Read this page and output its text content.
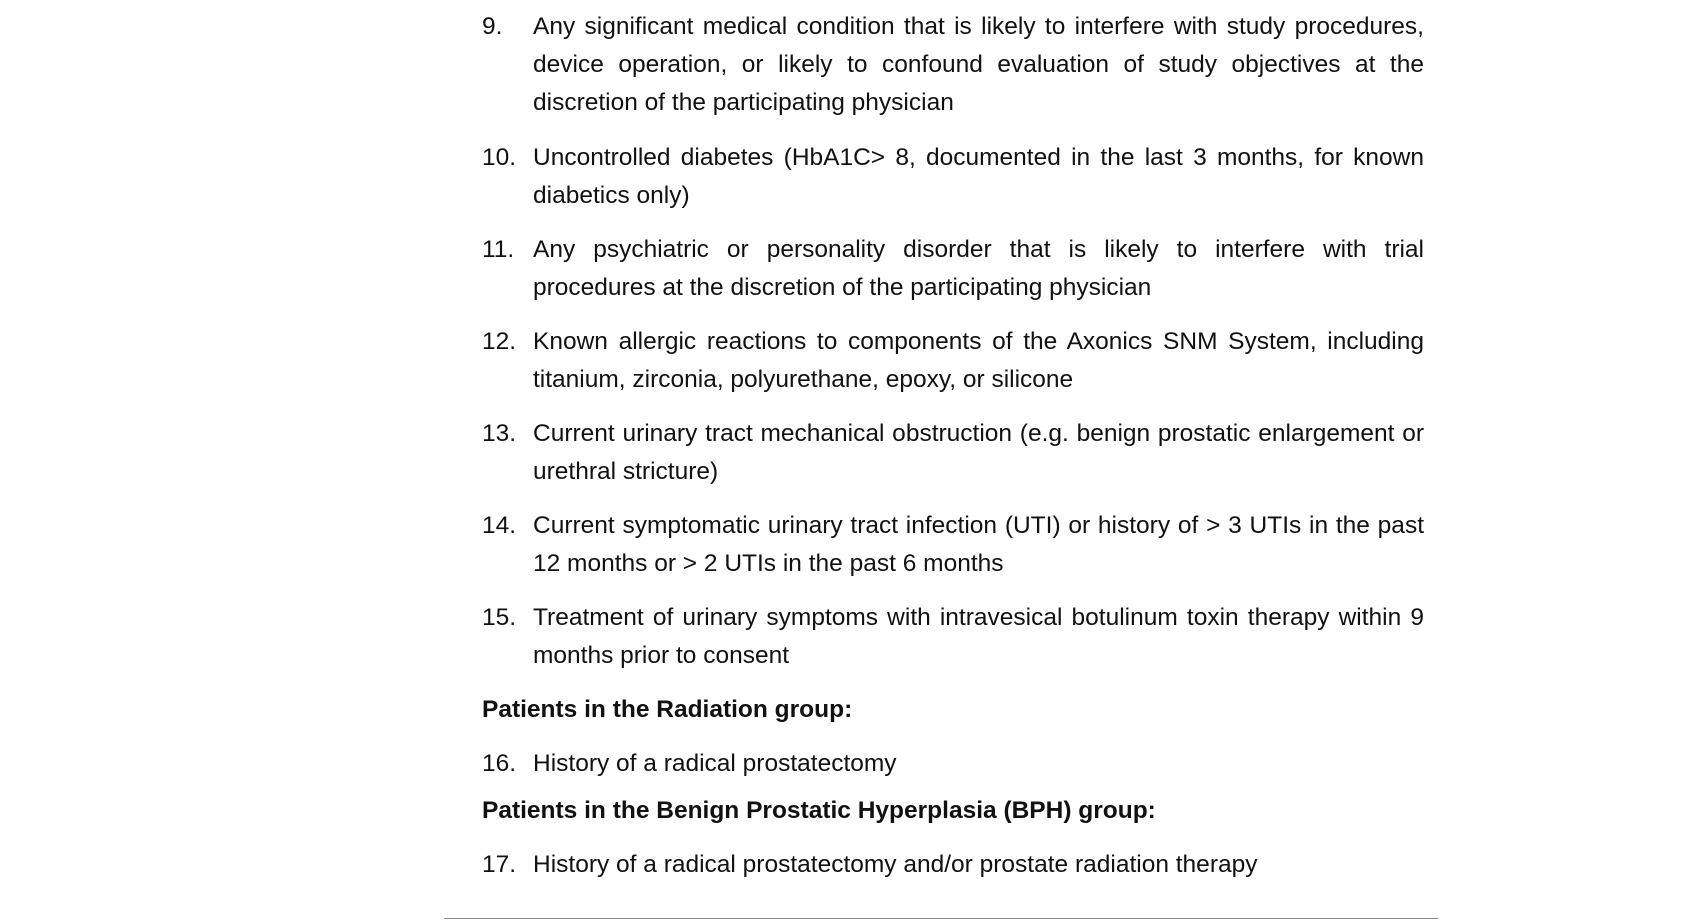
9.	Any significant medical condition that is likely to interfere with study procedures, device operation, or likely to confound evaluation of study objectives at the discretion of the participating physician
10. Uncontrolled diabetes (HbA1C> 8, documented in the last 3 months, for known diabetics only)
11. Any psychiatric or personality disorder that is likely to interfere with trial procedures at the discretion of the participating physician
12. Known allergic reactions to components of the Axonics SNM System, including titanium, zirconia, polyurethane, epoxy, or silicone
13. Current urinary tract mechanical obstruction (e.g. benign prostatic enlargement or urethral stricture)
14. Current symptomatic urinary tract infection (UTI) or history of > 3 UTIs in the past 12 months or > 2 UTIs in the past 6 months
15. Treatment of urinary symptoms with intravesical botulinum toxin therapy within 9 months prior to consent
Patients in the Radiation group:
16. History of a radical prostatectomy
Patients in the Benign Prostatic Hyperplasia (BPH) group:
17. History of a radical prostatectomy and/or prostate radiation therapy
